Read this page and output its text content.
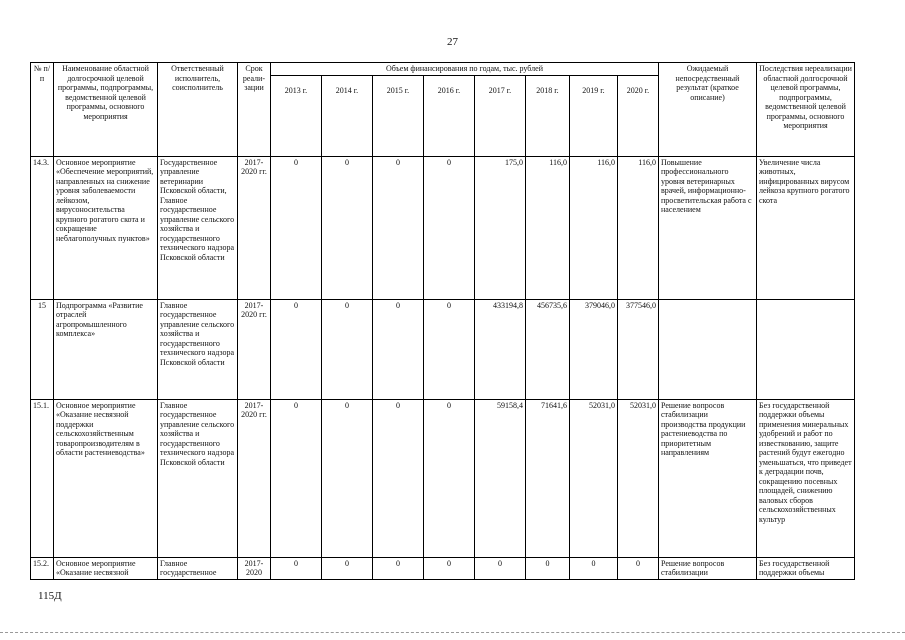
27
№ п/п	Наименование областной долгосрочной целевой программы, подпрограммы, ведомственной целевой программы, основного мероприятия	Ответственный исполнитель, соисполнитель	Срок реали-зации	Объем финансирования по годам, тыс. рублей								Ожидаемый непосредственный результат (краткое описание)	Последствия нереализации областной долгосрочной целевой программы, подпрограммы, ведомственной целевой программы, основного мероприятия
				2013 г.	2014 г.	2015 г.	2016 г.	2017 г.	2018 г.	2019 г.	2020 г.		
14.3.	Основное мероприятие «Обеспечение мероприятий, направленных на снижение уровня заболеваемости лейкозом, вирусоносительства крупного рогатого скота и сокращение неблагополучных пунктов»	Государственное управление ветеринарии Псковской области, Главное государственное управление сельского хозяйства и государственного технического надзора Псковской области	2017-2020 гг.	0	0	0	0	175,0	116,0	116,0	116,0	Повышение профессионального уровня ветеринарных врачей, информационно-просветительская работа с населением	Увеличение числа животных, инфицированных вирусом лейкоза крупного рогатого скота
15	Подпрограмма «Развитие отраслей агропромышленного комплекса»	Главное государственное управление сельского хозяйства и государственного технического надзора Псковской области	2017-2020 гг.	0	0	0	0	433194,8	456735,6	379046,0	377546,0		
15.1.	Основное мероприятие «Оказание несвязной поддержки сельскохозяйственным товаропроизводителям в области растениеводства»	Главное государственное управление сельского хозяйства и государственного технического надзора Псковской области	2017-2020 гг.	0	0	0	0	59158,4	71641,6	52031,0	52031,0	Решение вопросов стабилизации производства продукции растениеводства по приоритетным направлениям	Без государственной поддержки объемы применения минеральных удобрений и работ по известкованию, защите растений будут ежегодно уменьшаться, что приведет к деградации почв, сокращению посевных площадей, снижению валовых сборов сельскохозяйственных культур
15.2.	Основное мероприятие «Оказание несвязной	Главное государственное	2017-2020	0	0	0	0	0	0	0	0	Решение вопросов стабилизации	Без государственной поддержки объемы
115Д
